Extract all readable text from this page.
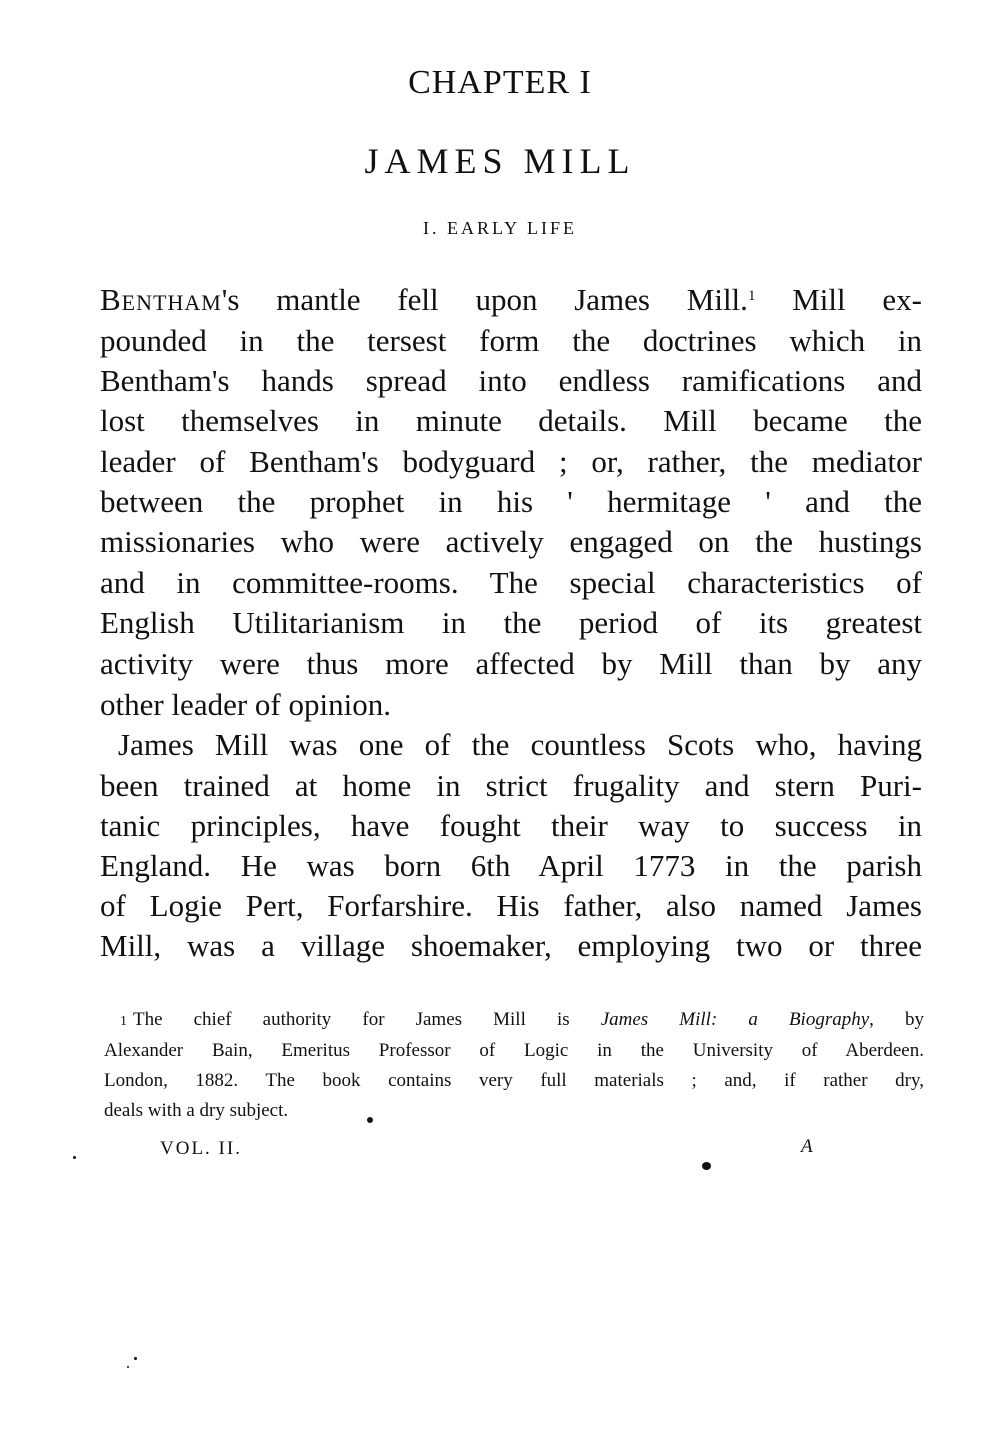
CHAPTER I
JAMES MILL
I. EARLY LIFE
Bentham's mantle fell upon James Mill.$^1$ Mill ex-
pounded in the tersest form the doctrines which in
Bentham's hands spread into endless ramifications and
lost themselves in minute details. Mill became the
leader of Bentham's bodyguard ; or, rather, the mediator
between the prophet in his ' hermitage ' and the
missionaries who were actively engaged on the hustings
and in committee-rooms. The special characteristics of
English Utilitarianism in the period of its greatest
activity were thus more affected by Mill than by any
other leader of opinion.
James Mill was one of the countless Scots who, having
been trained at home in strict frugality and stern Puri-
tanic principles, have fought their way to success in
England. He was born 6th April 1773 in the parish
of Logie Pert, Forfarshire. His father, also named James
Mill, was a village shoemaker, employing two or three
1 The chief authority for James Mill is James Mill: a Biography, by
Alexander Bain, Emeritus Professor of Logic in the University of Aberdeen.
London, 1882. The book contains very full materials ; and, if rather dry,
deals with a dry subject.
VOL. II.	A
